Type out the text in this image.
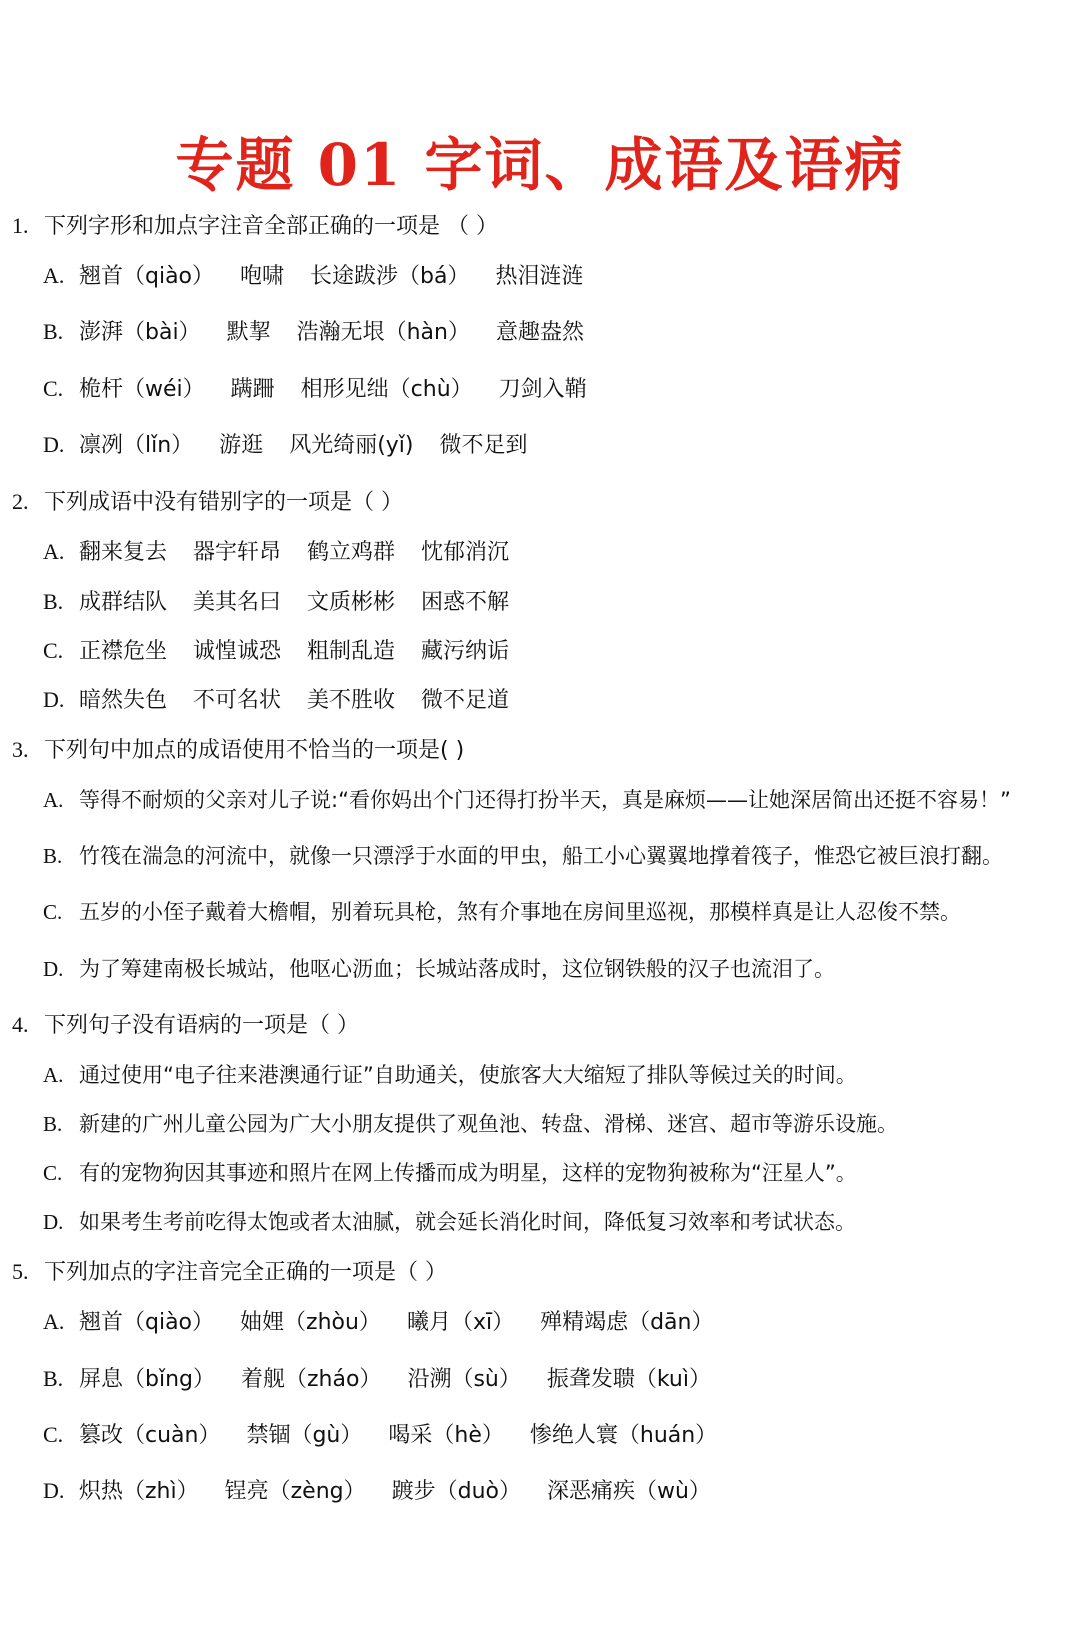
专题 01 字词、成语及语病
1. 下列字形和加点字注音全部正确的一项是 （ ）
A. 翘首（qiào） 咆啸 长途跋涉（bá） 热泪涟涟
B. 澎湃（bài） 默挈 浩瀚无垠（hàn） 意趣盎然
C. 桅杆（wéi） 蹒跚 相形见绌（chù） 刀剑入鞘
D. 凛冽（lǐn） 游逛 风光绮丽(yǐ) 微不足到
2. 下列成语中没有错别字的一项是（ ）
A. 翻来复去 器宇轩昂 鹤立鸡群 忱郁消沉
B. 成群结队 美其名曰 文质彬彬 困惑不解
C. 正襟危坐 诚惶诚恐 粗制乱造 藏污纳诟
D. 暗然失色 不可名状 美不胜收 微不足道
3. 下列句中加点的成语使用不恰当的一项是( )
A. 等得不耐烦的父亲对儿子说:“看你妈出个门还得打扮半天，真是麻烦——让她深居简出还挺不容易！”
B. 竹筏在湍急的河流中，就像一只漂浮于水面的甲虫，船工小心翼翼地撑着筏子，惟恐它被巨浪打翻。
C. 五岁的小侄子戴着大檐帽，别着玩具枪，煞有介事地在房间里巡视，那模样真是让人忍俊不禁。
D. 为了筹建南极长城站，他呕心沥血；长城站落成时，这位钢铁般的汉子也流泪了。
4. 下列句子没有语病的一项是（ ）
A. 通过使用“电子往来港澳通行证”自助通关，使旅客大大缩短了排队等候过关的时间。
B. 新建的广州儿童公园为广大小朋友提供了观鱼池、转盘、滑梯、迷宫、超市等游乐设施。
C. 有的宠物狗因其事迹和照片在网上传播而成为明星，这样的宠物狗被称为“汪星人”。
D. 如果考生考前吃得太饱或者太油腻，就会延长消化时间，降低复习效率和考试状态。
5. 下列加点的字注音完全正确的一项是（ ）
A. 翘首（qiào） 妯娌（zhòu） 曦月（xī） 殚精竭虑（dān）
B. 屏息（bǐng） 着舰（zháo） 沿溯（sù） 振聋发聩（kuì）
C. 篡改（cuàn） 禁锢（gù） 喝采（hè） 惨绝人寰（huán）
D. 炽热（zhì） 锃亮（zèng） 踱步（duò） 深恶痛疾（wù）
